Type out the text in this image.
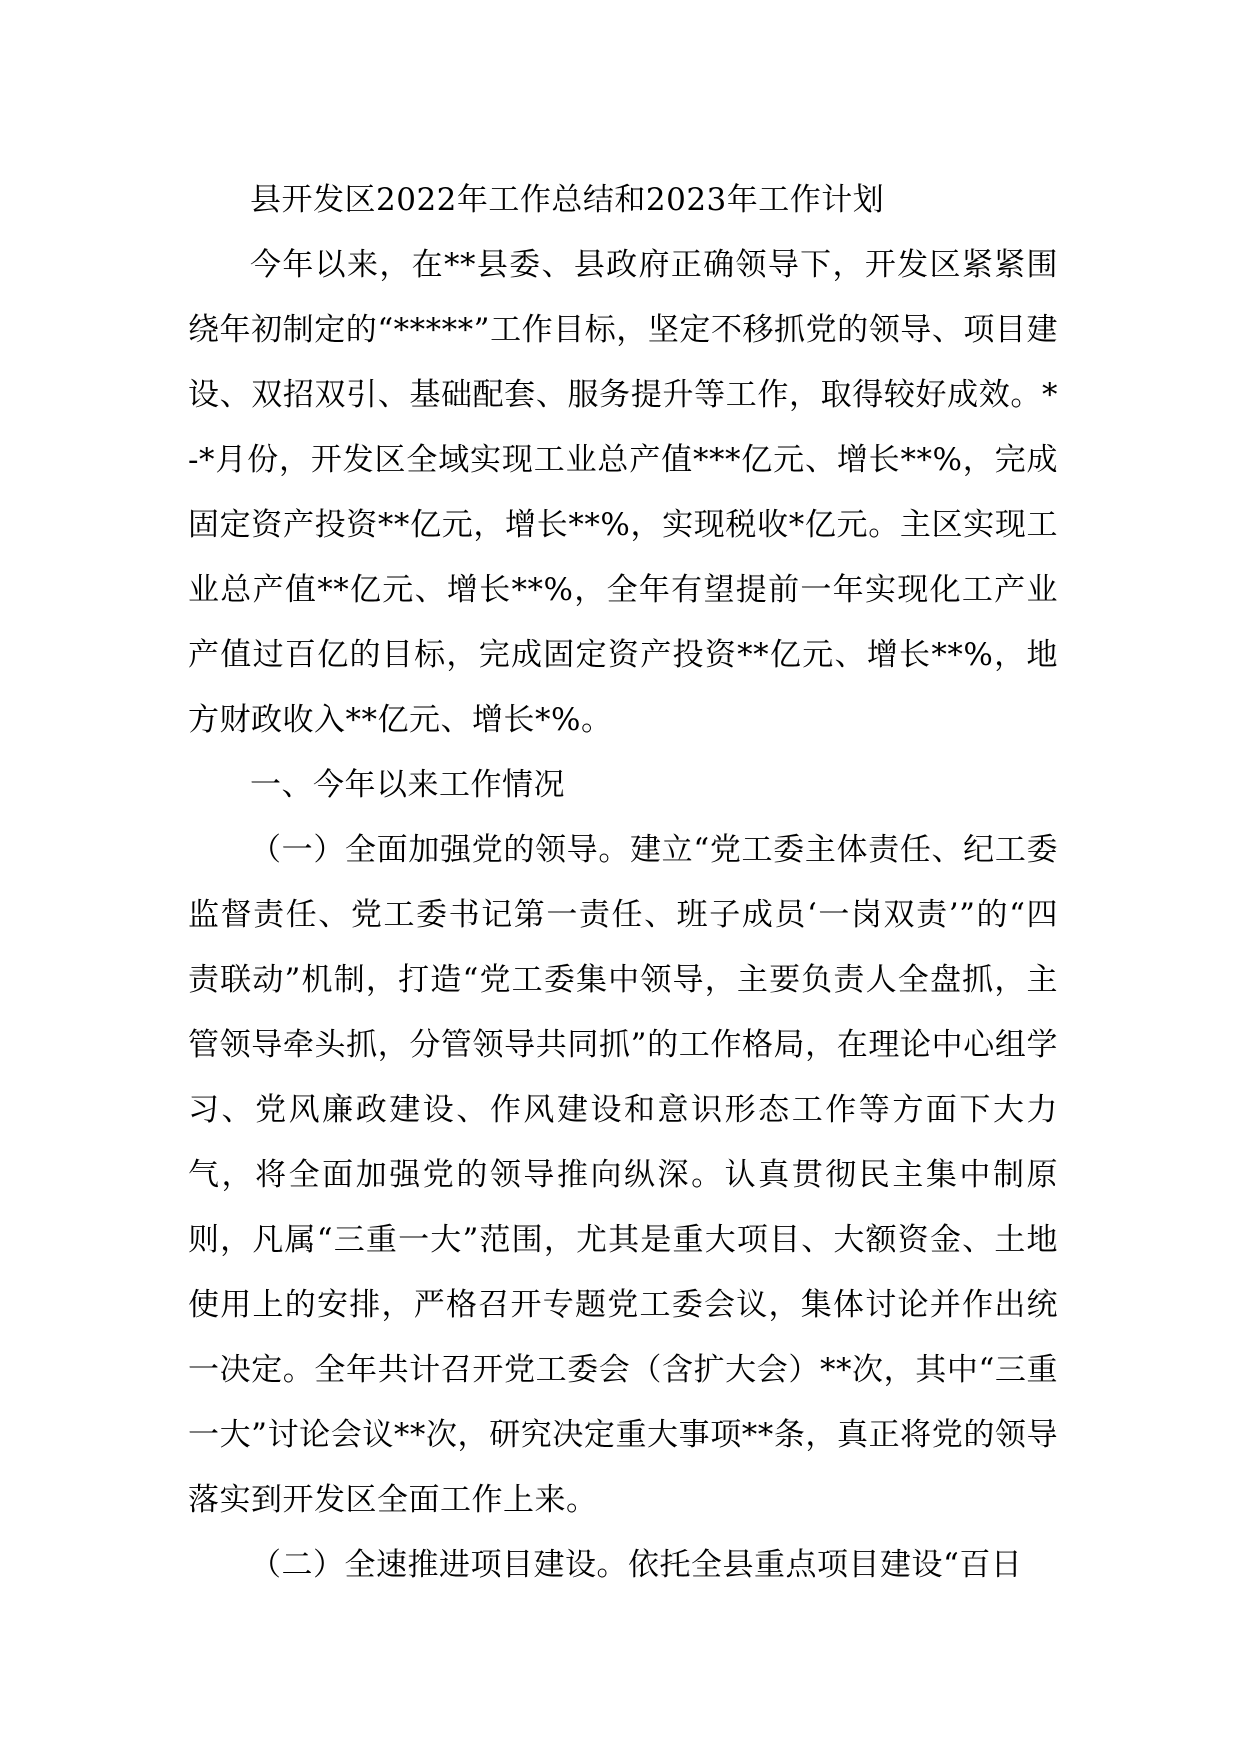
县开发区2022年工作总结和2023年工作计划

今年以来，在**县委、县政府正确领导下，开发区紧紧围绕年初制定的“*****”工作目标，坚定不移抓党的领导、项目建设、双招双引、基础配套、服务提升等工作，取得较好成效。*-*月份，开发区全域实现工业总产值***亿元、增长**%，完成固定资产投资**亿元，增长**%，实现税收*亿元。主区实现工业总产值**亿元、增长**%，全年有望提前一年实现化工产业产值过百亿的目标，完成固定资产投资**亿元、增长**%，地方财政收入**亿元、增长*%。

一、今年以来工作情况

（一）全面加强党的领导。建立“党工委主体责任、纪工委监督责任、党工委书记第一责任、班子成员‘一岗双责’”的“四责联动”机制，打造“党工委集中领导，主要负责人全盘抓，主管领导牵头抓，分管领导共同抓”的工作格局，在理论中心组学习、党风廉政建设、作风建设和意识形态工作等方面下大力气，将全面加强党的领导推向纵深。认真贯彻民主集中制原则，凡属“三重一大”范围，尤其是重大项目、大额资金、土地使用上的安排，严格召开专题党工委会议，集体讨论并作出统一决定。全年共计召开党工委会（含扩大会）**次，其中“三重一大”讨论会议**次，研究决定重大事项**条，真正将党的领导落实到开发区全面工作上来。

（二）全速推进项目建设。依托全县重点项目建设“百日
